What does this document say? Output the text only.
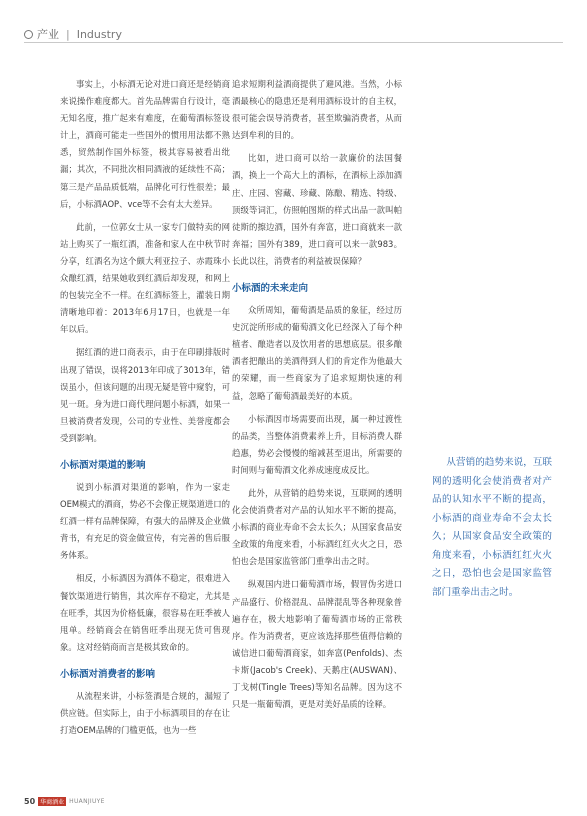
产业 | Industry

事实上，小标酒无论对进口商还是经销商来说操作难度都大。首先品牌需自行设计，毫无知名度，推广起来有难度，在葡萄酒标签设计上，酒商可能走一些国外的惯用用法都不熟悉，贸然制作国外标签，极其容易被看出纰漏；其次，不同批次相同酒液的延续性不高；第三是产品品质低端，品牌化可行性很差；最后，小标酒AOP、vce等不会有太大差异。

此前，一位郭女士从一家专门做特卖的网站上购买了一瓶红酒，准备和家人在中秋节时分享，红酒名为这个颇大利亚拉子、赤霞珠小众酿红酒，结果她收到红酒后却发现，和网上的包装完全不一样。在红酒标签上，灌装日期清晰地印着：2013年6月17日，也就是一年年以后。

据红酒的进口商表示，由于在印刷排版时出现了错误，误将2013年印成了3013年，错误虽小，但该问题的出现无疑是管中窥豹，可见一斑。身为进口商代理问题小标酒，如果一旦被消费者发现，公司的专业性、美誉度都会受到影响。

小标酒对渠道的影响

说到小标酒对渠道的影响，作为一家走OEM模式的酒商，势必不会像正规渠道进口的红酒一样有品牌保障，有强大的品牌及企业做背书，有充足的资金做宣传，有完善的售后服务体系。

相反，小标酒因为酒体不稳定，很难进入餐饮渠道进行销售，其次库存不稳定，尤其是在旺季，其因为价格低廉，很容易在旺季被人甩单。经销商会在销售旺季出现无货可售现象。这对经销商而言是极其致命的。

小标酒对消费者的影响

从流程来讲，小标签酒是合规的，漏短了供应链。但实际上，由于小标酒项目的存在让打造OEM品牌的门槛更低，也为一些

追求短期利益酒商提供了避风港。当然，小标酒最核心的隐患还是利用酒标设计的自主权，很可能会误导消费者，甚至欺骗消费者，从而达到牟利的目的。

比如，进口商可以给一款廉价的法国餐酒，换上一个高大上的酒标，在酒标上添加酒庄、庄园、窖藏、珍藏、陈酿、精选、特级、顶级等词汇，仿照帕图斯的样式出品一款叫帕徒斯的擦边酒，国外有奔富，进口商就来一款奔福；国外有389，进口商可以来一款983。长此以往，消费者的利益被误保障？

小标酒的未来走向

众所周知，葡萄酒是品质的象征，经过历史沉淀所形成的葡萄酒文化已经深入了每个种植者、酿造者以及饮用者的思想底层。很多酿酒者把酿出的美酒得到人们的肯定作为他最大的荣耀，而一些商家为了追求短期快速的利益，忽略了葡萄酒最美好的本质。

小标酒因市场需要而出现，属一种过渡性的品类，当整体消费素养上升，目标消费人群趋惠，势必会慢慢的缩减甚至退出，所需要的时间则与葡萄酒文化养成速度成反比。

此外，从营销的趋势来说，互联网的透明化会使消费者对产品的认知水平不断的提高，小标酒的商业寿命不会太长久；从国家食品安全政策的角度来看，小标酒红红火火之日，恐怕也会是国家监管部门重拳出击之时。

纵观国内进口葡萄酒市场，假冒伪劣进口产品盛行、价格混乱、品牌混乱等各种现象普遍存在，极大地影响了葡萄酒市场的正常秩序。作为消费者，更应该选择那些值得信赖的诚信进口葡萄酒商家，如奔富(Penfolds)、杰卡斯(Jacob's Creek)、天鹅庄(AUSWAN)、丁戈树(Tingle Trees)等知名品牌。因为这不只是一瓶葡萄酒，更是对美好品质的诠释。

从营销的趋势来说，互联网的透明化会使消费者对产品的认知水平不断的提高，小标酒的商业寿命不会太长久；从国家食品安全政策的角度来看，小标酒红红火火之日，恐怕也会是国家监管部门重拳出击之时。
50 华商酒业 HUANJIUYE
